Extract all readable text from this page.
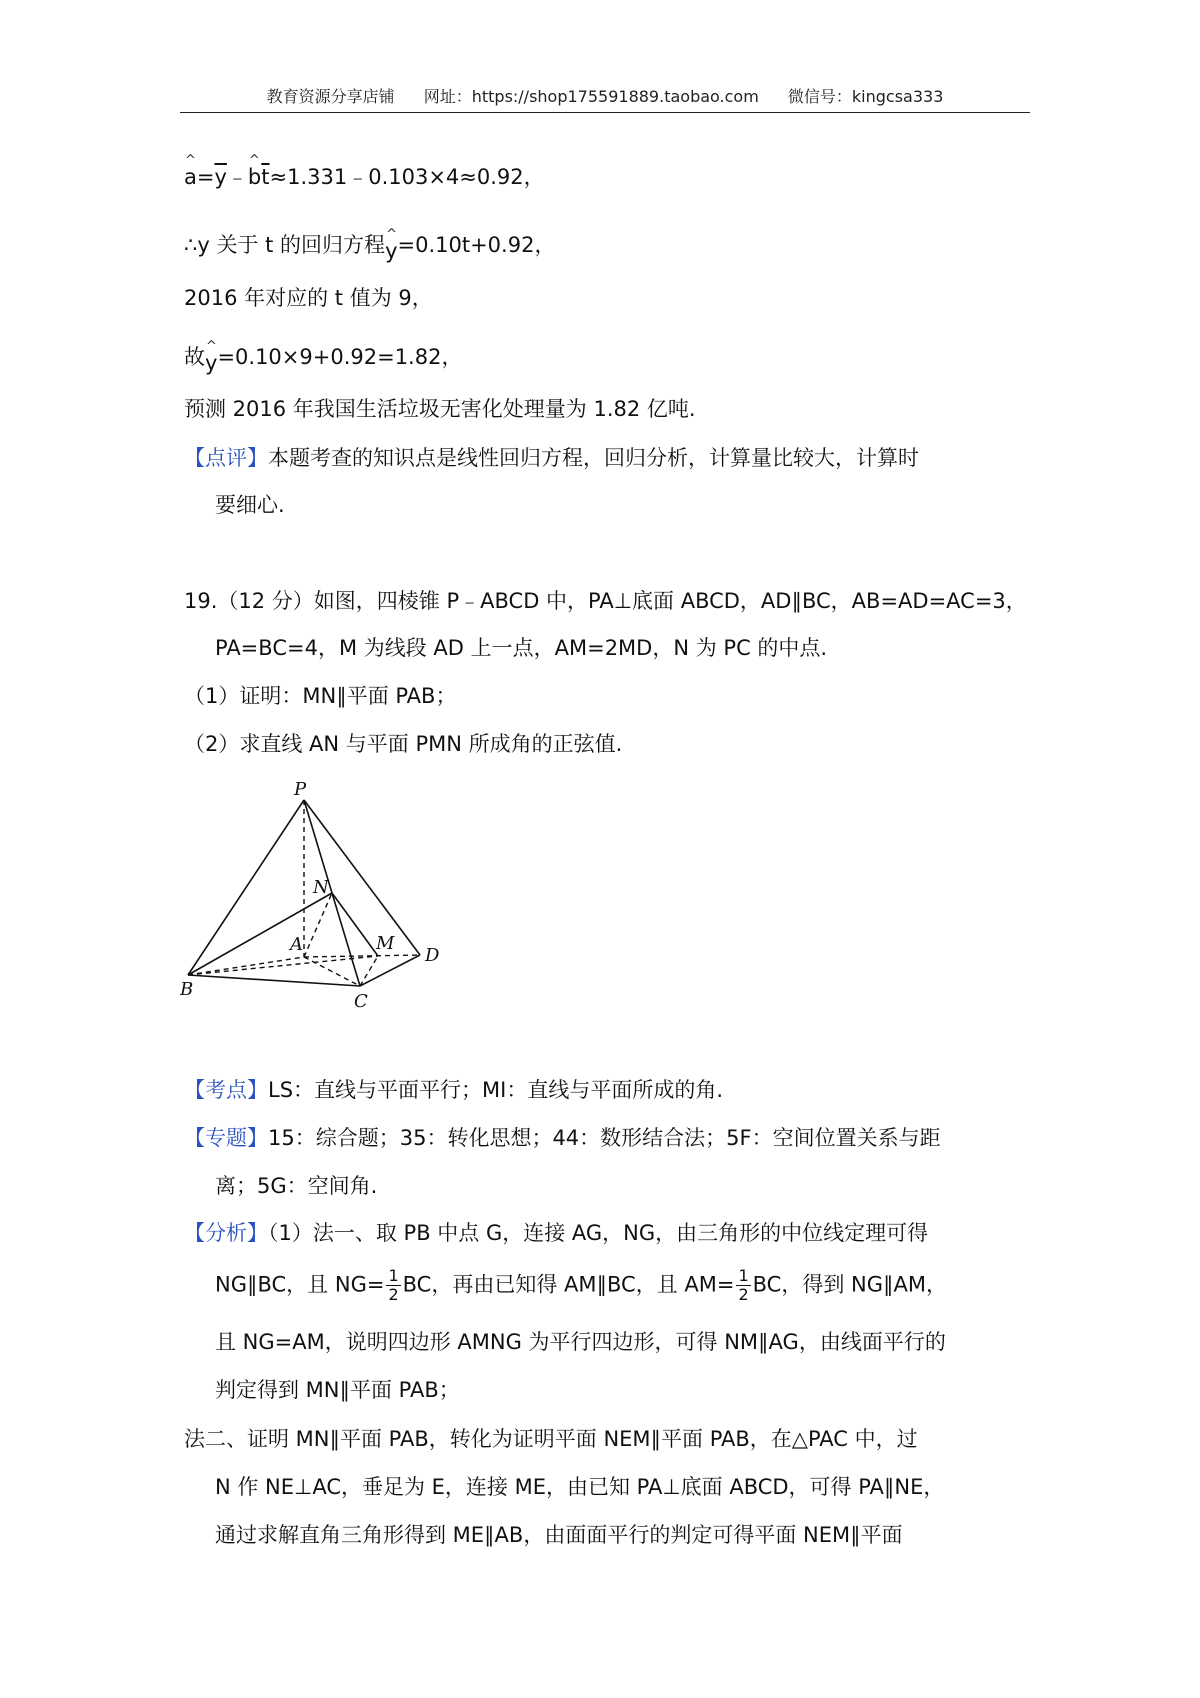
教育资源分享店铺 网址：https://shop175591889.taobao.com 微信号：kingcsa333
^ $a=\overline{y}﹣\^{}$ $b\overline{t}\approx 1.331﹣0.103\times 4\approx 0.92$，
∴y 关于 t 的回归方程^ y=0.10t+0.92，
2016 年对应的 t 值为 9，
故^ y=0.10×9+0.92=1.82，
预测 2016 年我国生活垃圾无害化处理量为 1.82 亿吨.
【点评】本题考查的知识点是线性回归方程，回归分析，计算量比较大，计算时
要细心.
19.（12 分）如图，四棱锥 P﹣ABCD 中，PA⊥底面 ABCD，AD∥BC，AB=AD=AC=3，
PA=BC=4，M 为线段 AD 上一点，AM=2MD，N 为 PC 的中点.
（1）证明：MN∥平面 PAB；
（2）求直线 AN 与平面 PMN 所成角的正弦值.
P
N
A	M
D
B
C
【考点】LS：直线与平面平行；MI：直线与平面所成的角.
【专题】15：综合题；35：转化思想；44：数形结合法；5F：空间位置关系与距
离；5G：空间角.
【分析】（1）法一、取 PB 中点 G，连接 AG，NG，由三角形的中位线定理可得
NG∥BC，且 $NG= \frac{1}{2}$ BC，再由已知得 AM∥BC，且 $AM= \frac{1}{2}$ BC，得到 NG∥AM，
且 NG=AM，说明四边形 AMNG 为平行四边形，可得 NM∥AG，由线面平行的
判定得到 MN∥平面 PAB；
法二、证明 MN∥平面 PAB，转化为证明平面 NEM∥平面 PAB，在△PAC 中，过
N 作 NE⊥AC，垂足为 E，连接 ME，由已知 PA⊥底面 ABCD，可得 PA∥NE，
通过求解直角三角形得到 ME∥AB，由面面平行的判定可得平面 NEM∥平面
